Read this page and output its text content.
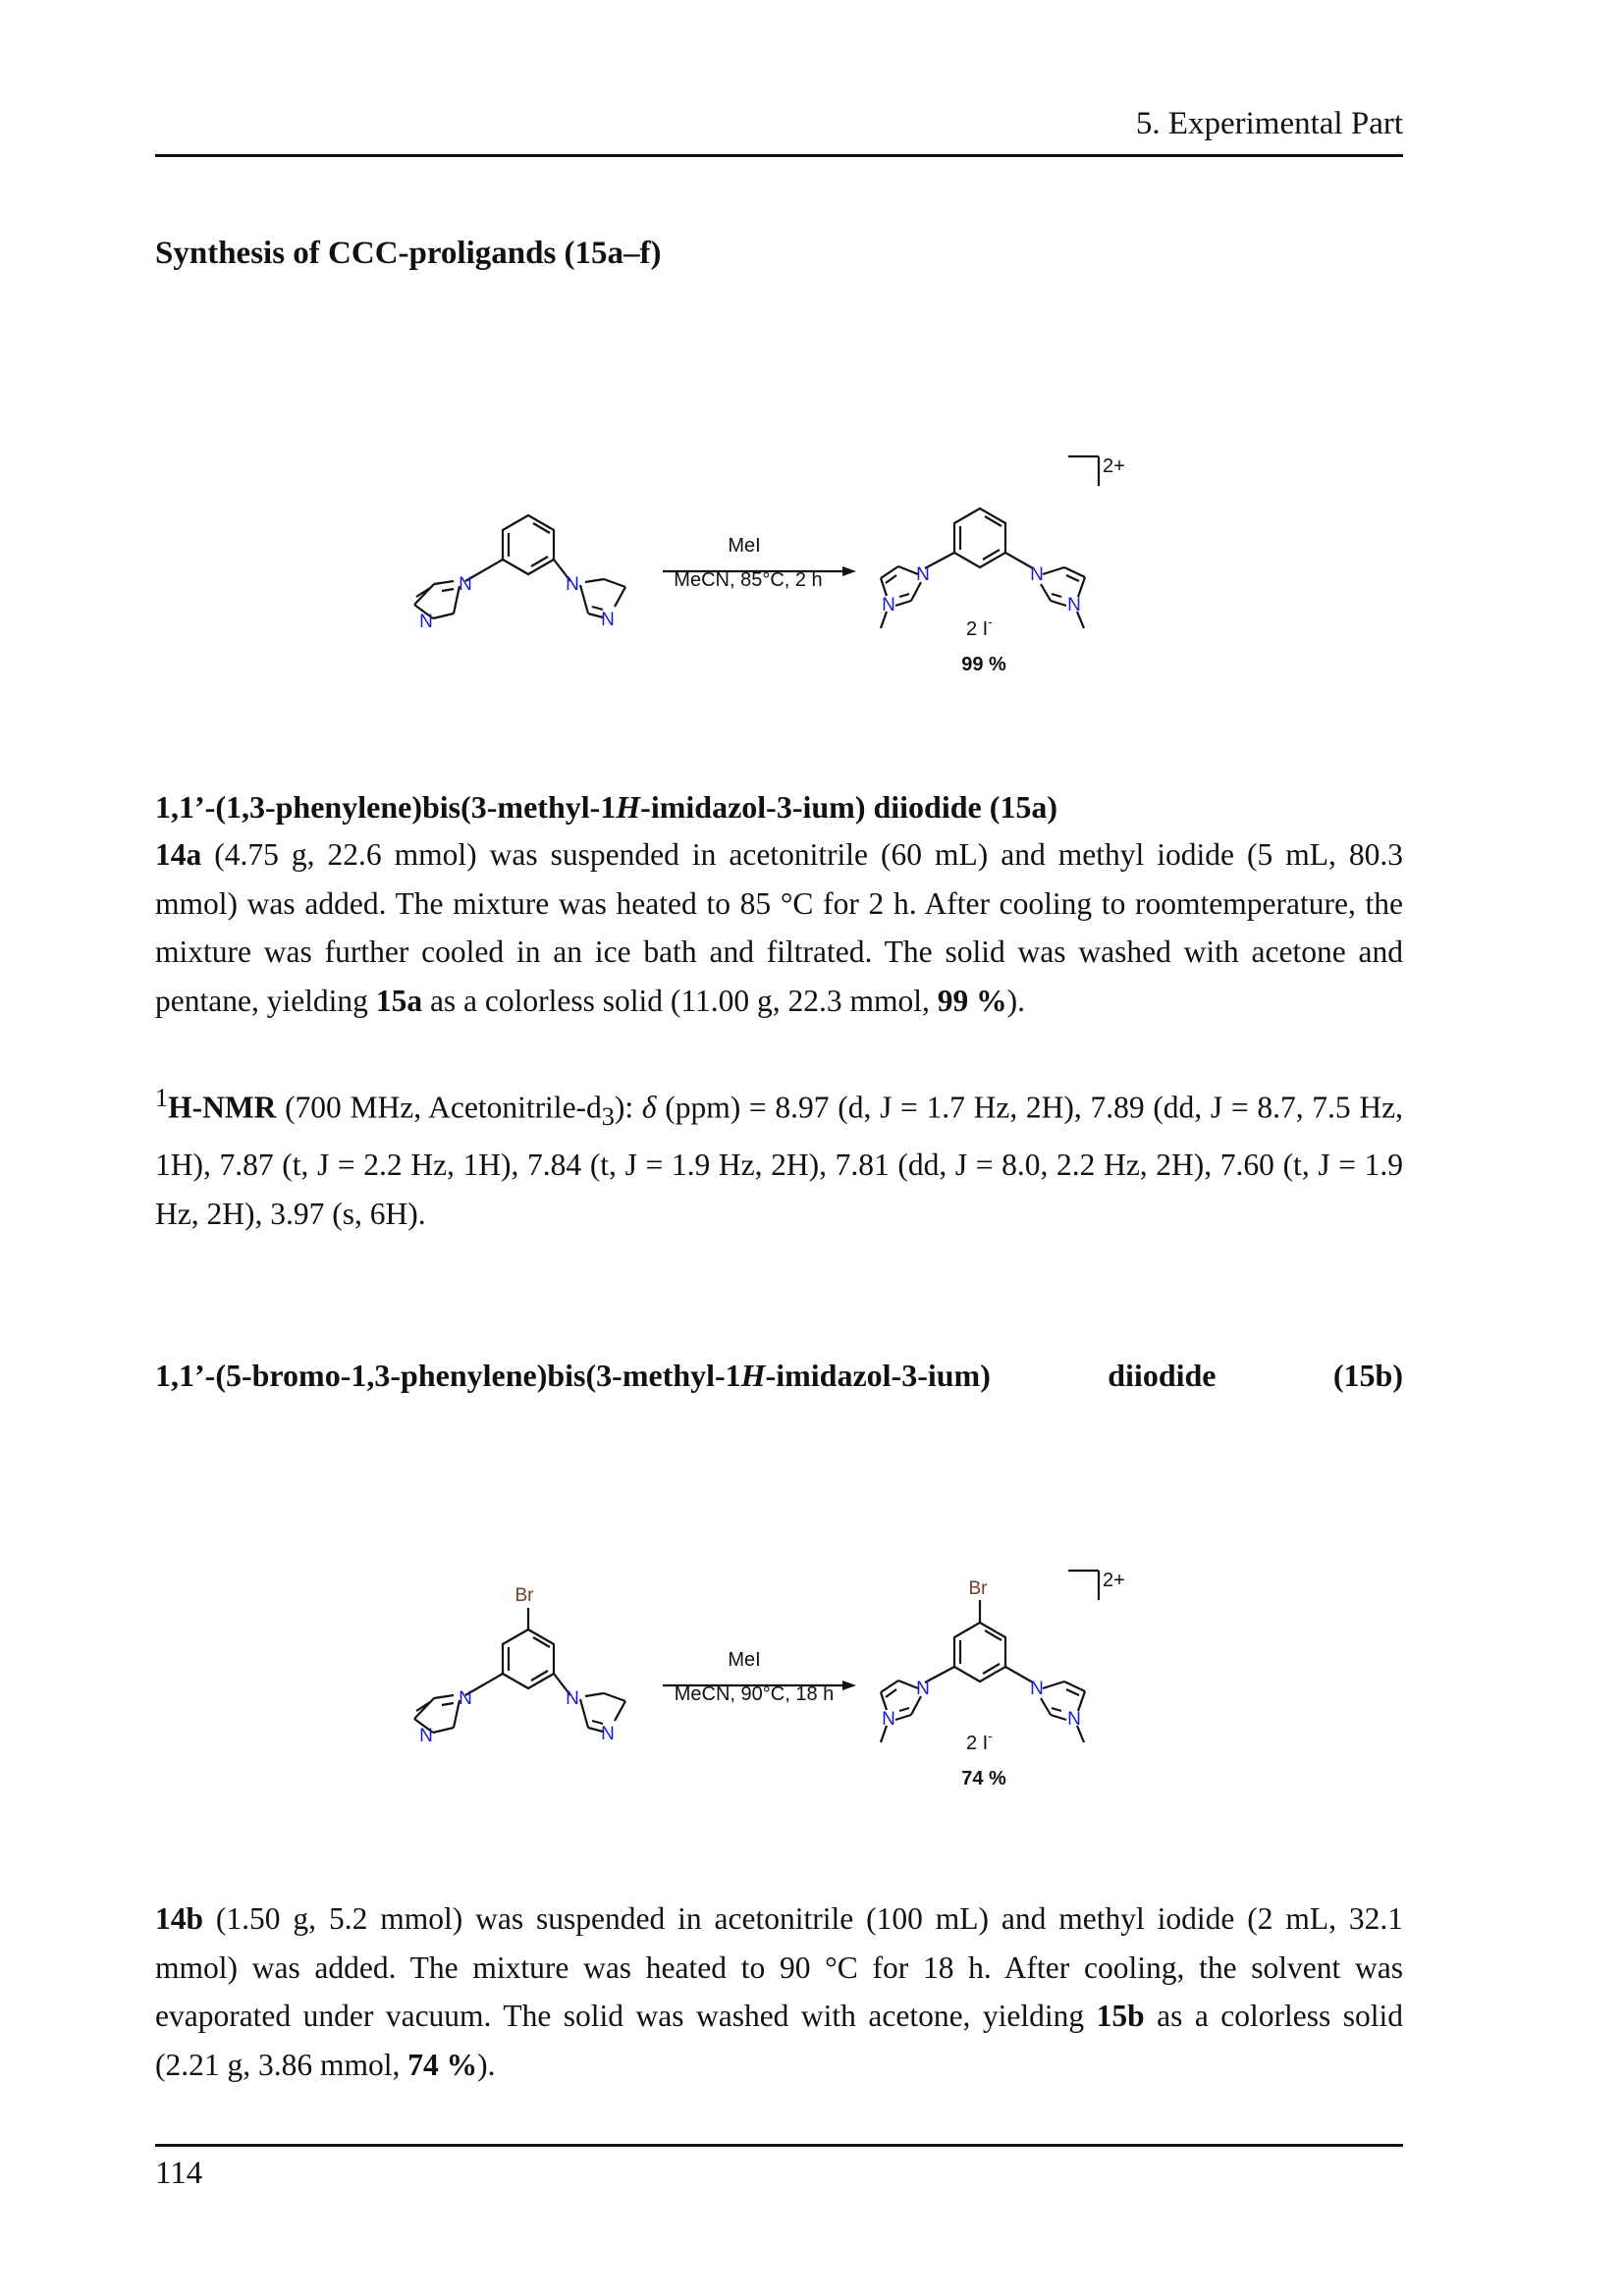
5. Experimental Part
Synthesis of CCC-proligands (15a–f)
N
N
N
N
MeI
MeCN, 85°C, 2 h	N
N
N
N
2+
2 I-
99 %
1,1’-(1,3-phenylene)bis(3-methyl-1H-imidazol-3-ium) diiodide (15a)
14a (4.75 g, 22.6 mmol) was suspended in acetonitrile (60 mL) and methyl iodide (5 mL, 80.3 mmol) was added. The mixture was heated to 85 °C for 2 h. After cooling to roomtemperature, the mixture was further cooled in an ice bath and filtrated. The solid was washed with acetone and pentane, yielding 15a as a colorless solid (11.00 g, 22.3 mmol, 99 %).
$^1$H-NMR (700 MHz, Acetonitrile-$d_3$): δ (ppm) = 8.97 (d, J = 1.7 Hz, 2H), 7.89 (dd, J = 8.7, 7.5 Hz, 1H), 7.87 (t, J = 2.2 Hz, 1H), 7.84 (t, J = 1.9 Hz, 2H), 7.81 (dd, J = 8.0, 2.2 Hz, 2H), 7.60 (t, J = 1.9 Hz, 2H), 3.97 (s, 6H).
1,1’-(5-bromo-1,3-phenylene)bis(3-methyl-1H-imidazol-3-ium) diiodide (15b)
Br
N
N
N
N
MeI
MeCN, 90°C, 18 h
Br
N
N
N
N
2+
2 I-
74 %
14b (1.50 g, 5.2 mmol) was suspended in acetonitrile (100 mL) and methyl iodide (2 mL, 32.1 mmol) was added. The mixture was heated to 90 °C for 18 h. After cooling, the solvent was evaporated under vacuum. The solid was washed with acetone, yielding 15b as a colorless solid (2.21 g, 3.86 mmol, 74 %).
114
